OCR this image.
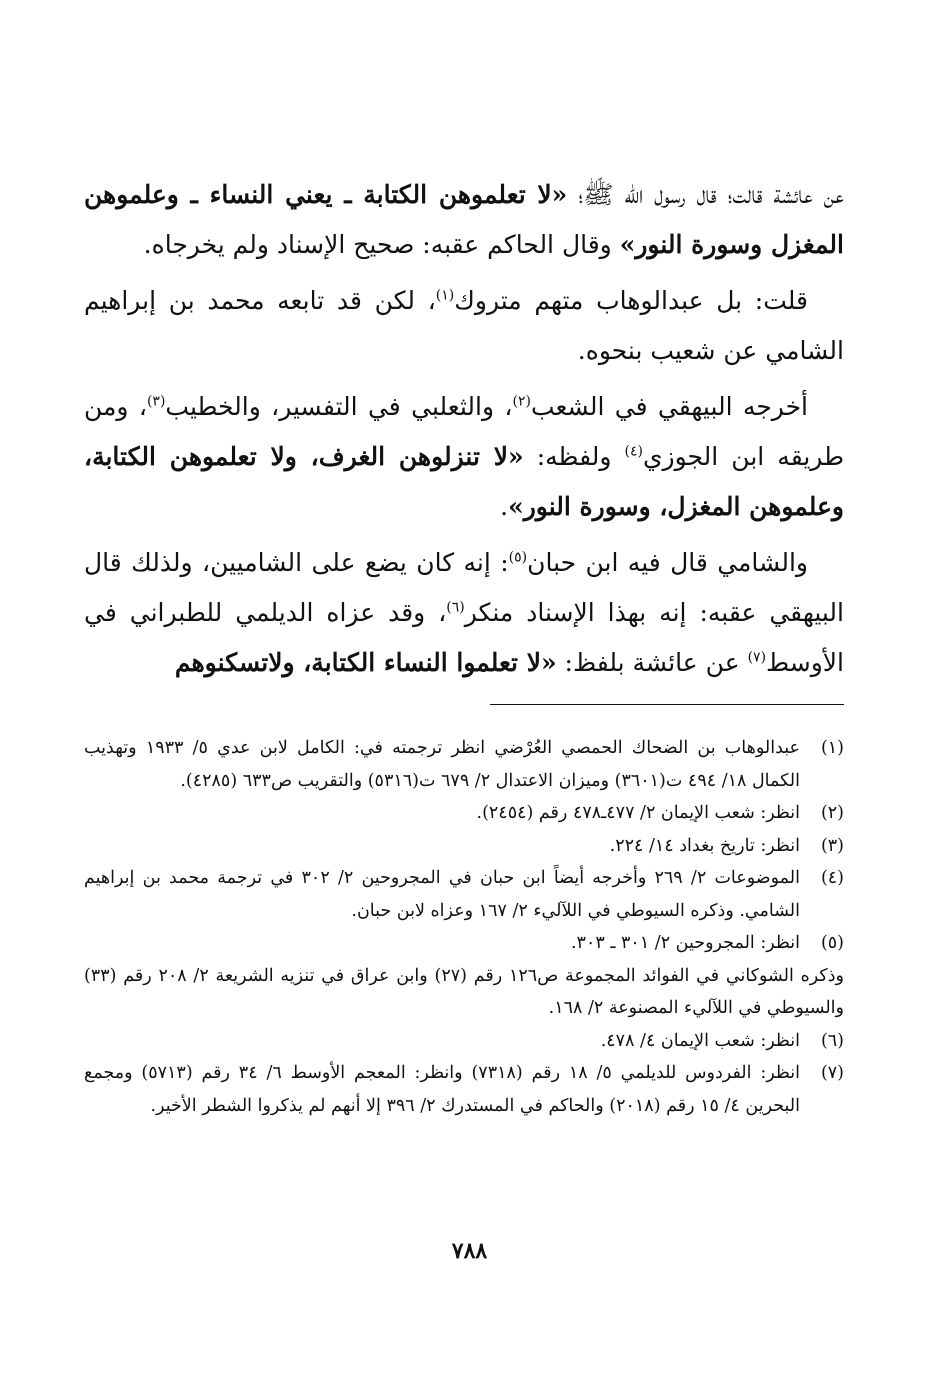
عن عائشة قالت؛ قال رسول الله ﷺ؛ «لا تعلموهن الكتابة ـ يعني النساء ـ وعلموهن المغزل وسورة النور» وقال الحاكم عقبه: صحيح الإسناد ولم يخرجاه.

قلت: بل عبدالوهاب متهم متروك$^{(١)}$، لكن قد تابعه محمد بن إبراهيم الشامي عن شعيب بنحوه.

أخرجه البيهقي في الشعب$^{(٢)}$، والثعلبي في التفسير، والخطيب$^{(٣)}$، ومن طريقه ابن الجوزي$^{(٤)}$ ولفظه: «لا تنزلوهن الغرف، ولا تعلموهن الكتابة، وعلموهن المغزل، وسورة النور».

والشامي قال فيه ابن حبان$^{(٥)}$: إنه كان يضع على الشاميين، ولذلك قال البيهقي عقبه: إنه بهذا الإسناد منكر$^{(٦)}$، وقد عزاه الديلمي للطبراني في الأوسط$^{(٧)}$ عن عائشة بلفظ: «لا تعلموا النساء الكتابة، ولاتسكنوهم

(١)
عبدالوهاب بن الضحاك الحمصي العُرْضي انظر ترجمته في: الكامل لابن عدي ٥/ ١٩٣٣ وتهذيب الكمال ١٨/ ٤٩٤ ت(٣٦٠١) وميزان الاعتدال ٢/ ٦٧٩ ت(٥٣١٦) والتقريب ص٦٣٣ (٤٢٨٥).
(٢)
انظر: شعب الإيمان ٢/ ٤٧٧ـ٤٧٨ رقم (٢٤٥٤).
(٣)
انظر: تاريخ بغداد ١٤/ ٢٢٤.
(٤)
الموضوعات ٢/ ٢٦٩ وأخرجه أيضاً ابن حبان في المجروحين ٢/ ٣٠٢ في ترجمة محمد بن إبراهيم الشامي. وذكره السيوطي في اللآليء ٢/ ١٦٧ وعزاه لابن حبان.
(٥)
انظر: المجروحين ٢/ ٣٠١ ـ ٣٠٣.
وذكره الشوكاني في الفوائد المجموعة ص١٢٦ رقم (٢٧) وابن عراق في تنزيه الشريعة ٢/ ٢٠٨ رقم (٣٣) والسيوطي في اللآليء المصنوعة ٢/ ١٦٨.
(٦)
انظر: شعب الإيمان ٤/ ٤٧٨.
(٧)
انظر: الفردوس للديلمي ٥/ ١٨ رقم (٧٣١٨) وانظر: المعجم الأوسط ٦/ ٣٤ رقم (٥٧١٣) ومجمع البحرين ٤/ ١٥ رقم (٢٠١٨) والحاكم في المستدرك ٢/ ٣٩٦ إلا أنهم لم يذكروا الشطر الأخير.
٧٨٨
